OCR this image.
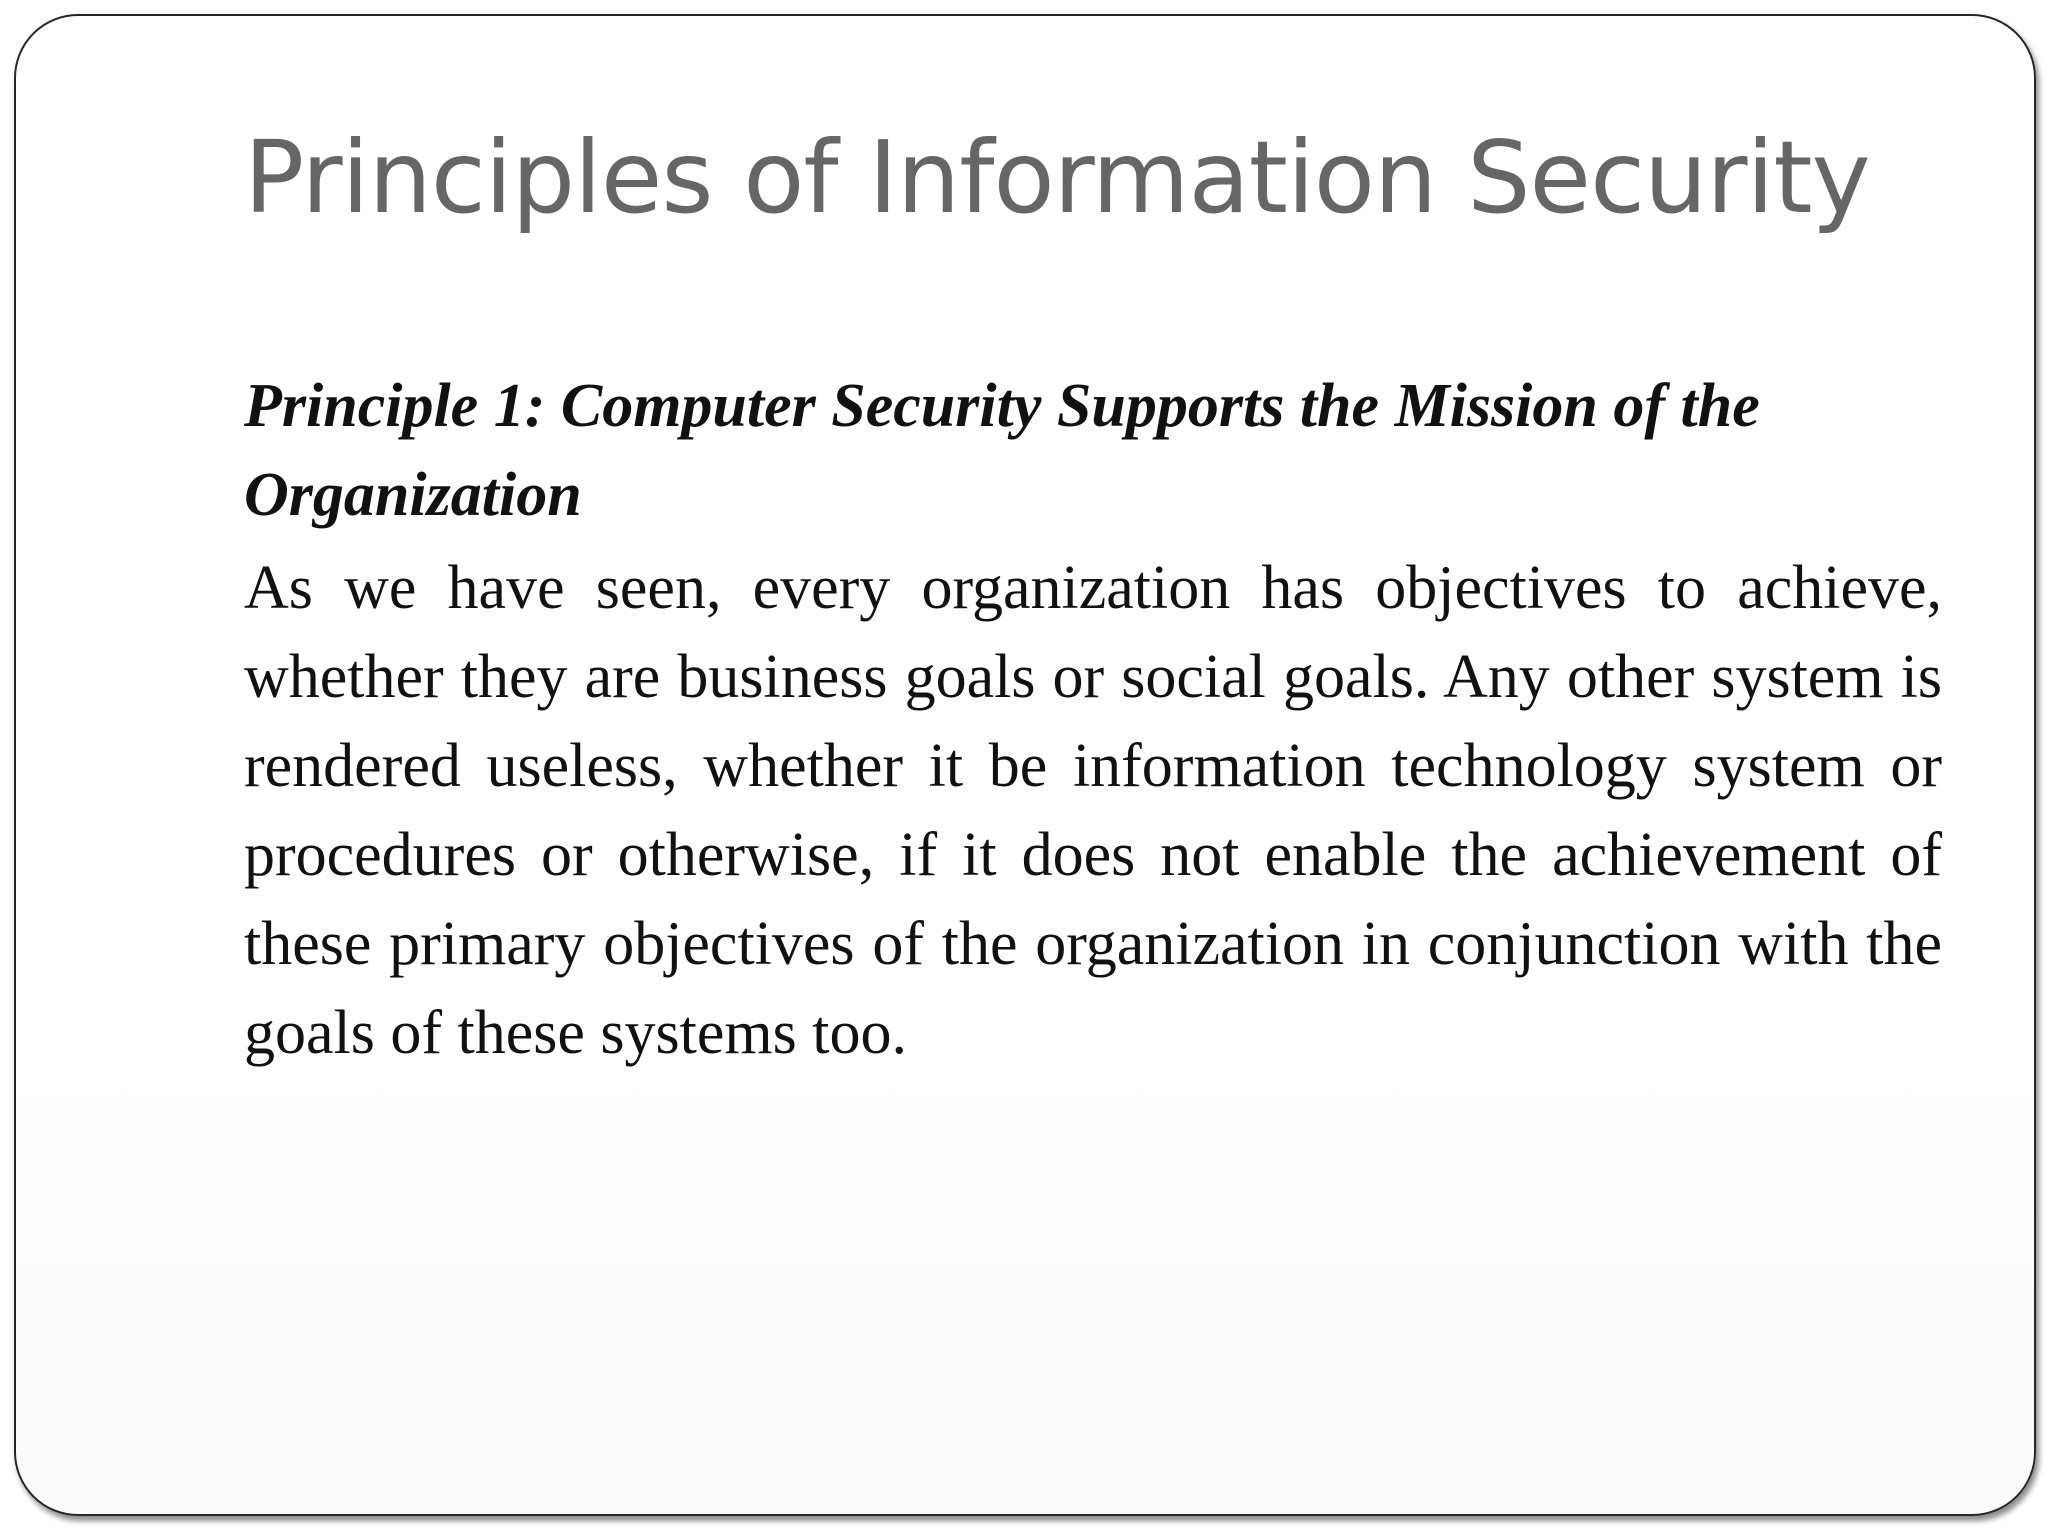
Principles of Information Security

Principle 1: Computer Security Supports the Mission of the Organization

As we have seen, every organization has objectives to achieve, whether they are business goals or social goals. Any other system is rendered useless, whether it be information technology system or procedures or otherwise, if it does not enable the achievement of these primary objectives of the organization in conjunction with the goals of these systems too.
